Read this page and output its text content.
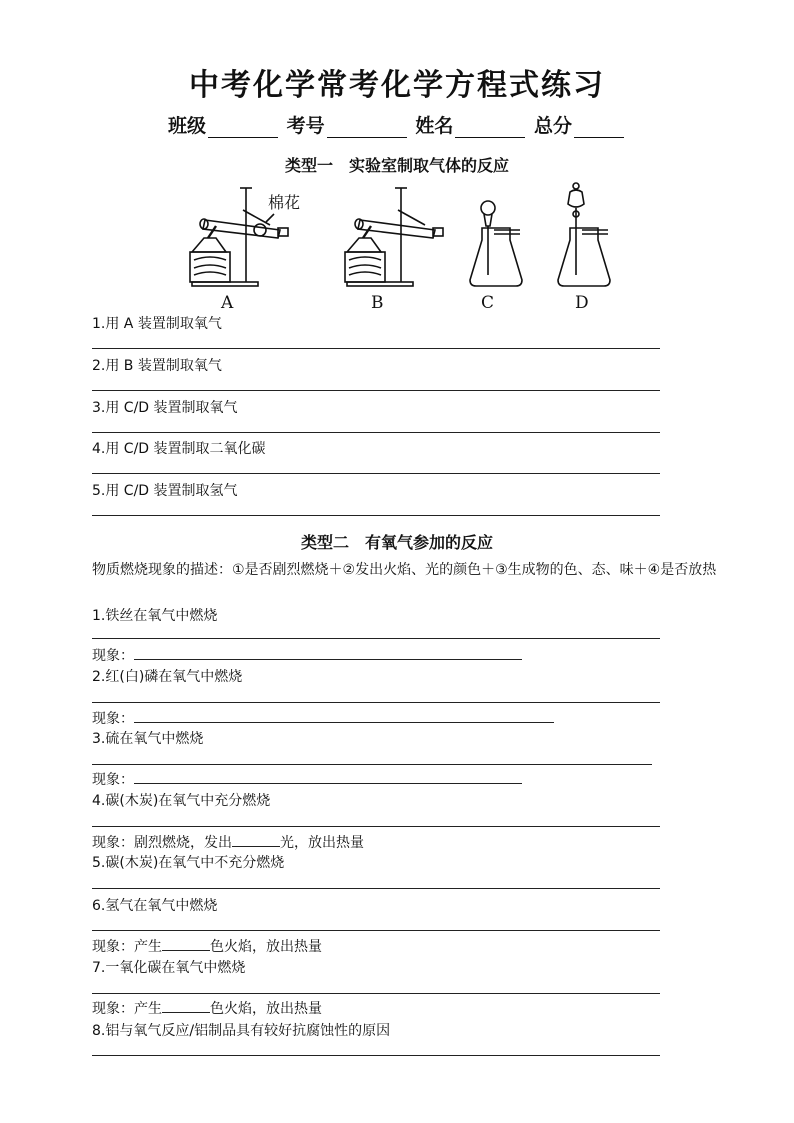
中考化学常考化学方程式练习
班级	考号	姓名	总分
类型一　实验室制取气体的反应
棉花
A	B	C	D
1.用 A 装置制取氧气
2.用 B 装置制取氧气
3.用 C/D 装置制取氧气
4.用 C/D 装置制取二氧化碳
5.用 C/D 装置制取氢气
类型二　有氧气参加的反应
物质燃烧现象的描述：①是否剧烈燃烧＋②发出火焰、光的颜色＋③生成物的色、态、味＋④是否放热
1.铁丝在氧气中燃烧
现象：
2.红(白)磷在氧气中燃烧
现象：
3.硫在氧气中燃烧
现象：
4.碳(木炭)在氧气中充分燃烧
现象：剧烈燃烧，发出	光，放出热量
5.碳(木炭)在氧气中不充分燃烧
6.氢气在氧气中燃烧
现象：产生	色火焰，放出热量
7.一氧化碳在氧气中燃烧
现象：产生	色火焰，放出热量
8.铝与氧气反应/铝制品具有较好抗腐蚀性的原因
